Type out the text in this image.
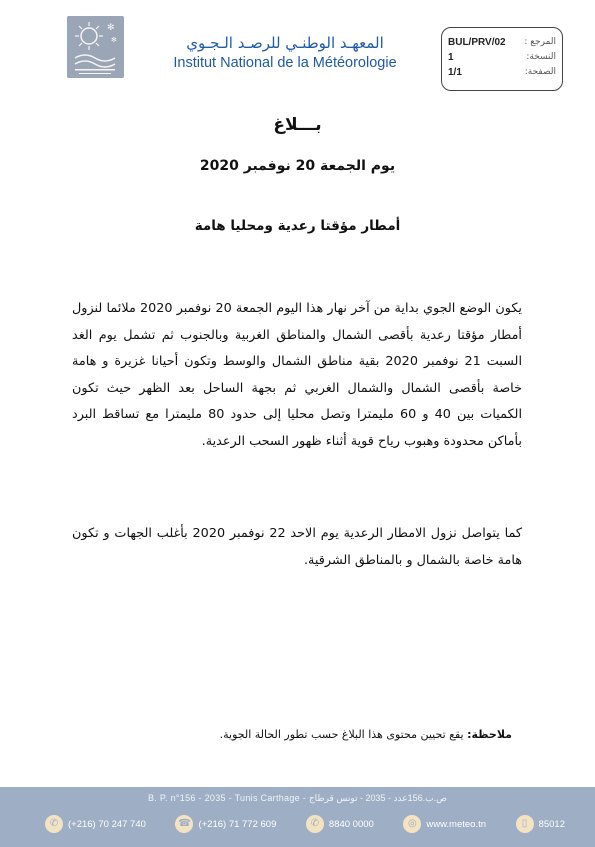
✻
✻	المعهـد الوطنـي للرصـد الـجـوي
Institut National de la Météorologie
BUL/PRV/02 المرجع :
1	النسخة:
1/1	الصفحة:
بـــلاغ
يوم الجمعة 20 نوفمبر 2020
أمطار مؤقتا رعدية ومحليا هامة
يكون الوضع الجوي بداية من آخر نهار هذا اليوم الجمعة 20 نوفمبر 2020 ملائما لنزول أمطار مؤقتا رعدية بأقصى الشمال والمناطق الغربية وبالجنوب ثم تشمل يوم الغد السبت 21 نوفمبر 2020 بقية مناطق الشمال والوسط وتكون أحيانا غزيرة و هامة خاصة بأقصى الشمال والشمال الغربي ثم بجهة الساحل بعد الظهر حيث تكون الكميات بين 40 و 60 مليمترا وتصل محليا إلى حدود 80 مليمترا مع تساقط البرد بأماكن محدودة وهبوب رياح قوية أثناء ظهور السحب الرعدية.
كما يتواصل نزول الامطار الرعدية يوم الاحد 22 نوفمبر 2020 بأغلب الجهات و تكون هامة خاصة بالشمال و بالمناطق الشرقية.
ملاحظة: يقع تحيين محتوى هذا البلاغ حسب تطور الحالة الجوية.
B. P. n°156 - 2035 - Tunis Carthage - ص.ب.156عدد - 2035 - تونس قرطاج
✆	(+216) 70 247 740	☎ (+216) 71 772 609	✆	8840 0000	◎	www.meteo.tn	▯	85012
